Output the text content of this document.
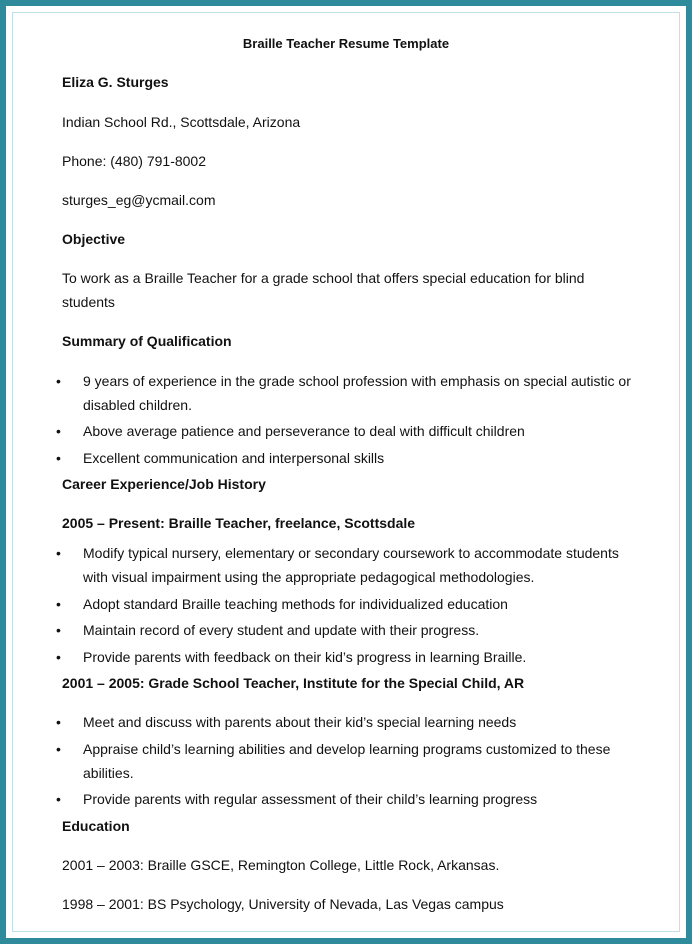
Braille Teacher Resume Template
Eliza G. Sturges
Indian School Rd., Scottsdale, Arizona
Phone: (480) 791-8002
sturges_eg@ycmail.com
Objective
To work as a Braille Teacher for a grade school that offers special education for blind
students
Summary of Qualification
• 9 years of experience in the grade school profession with emphasis on special autistic or disabled children.
• Above average patience and perseverance to deal with difficult children
• Excellent communication and interpersonal skills
Career Experience/Job History
2005 – Present: Braille Teacher, freelance, Scottsdale
• Modify typical nursery, elementary or secondary coursework to accommodate students with visual impairment using the appropriate pedagogical methodologies.
• Adopt standard Braille teaching methods for individualized education
• Maintain record of every student and update with their progress.
• Provide parents with feedback on their kid’s progress in learning Braille.
2001 – 2005: Grade School Teacher, Institute for the Special Child, AR
• Meet and discuss with parents about their kid’s special learning needs
• Appraise child’s learning abilities and develop learning programs customized to these abilities.
• Provide parents with regular assessment of their child’s learning progress
Education
2001 – 2003: Braille GSCE, Remington College, Little Rock, Arkansas.
1998 – 2001: BS Psychology, University of Nevada, Las Vegas campus
